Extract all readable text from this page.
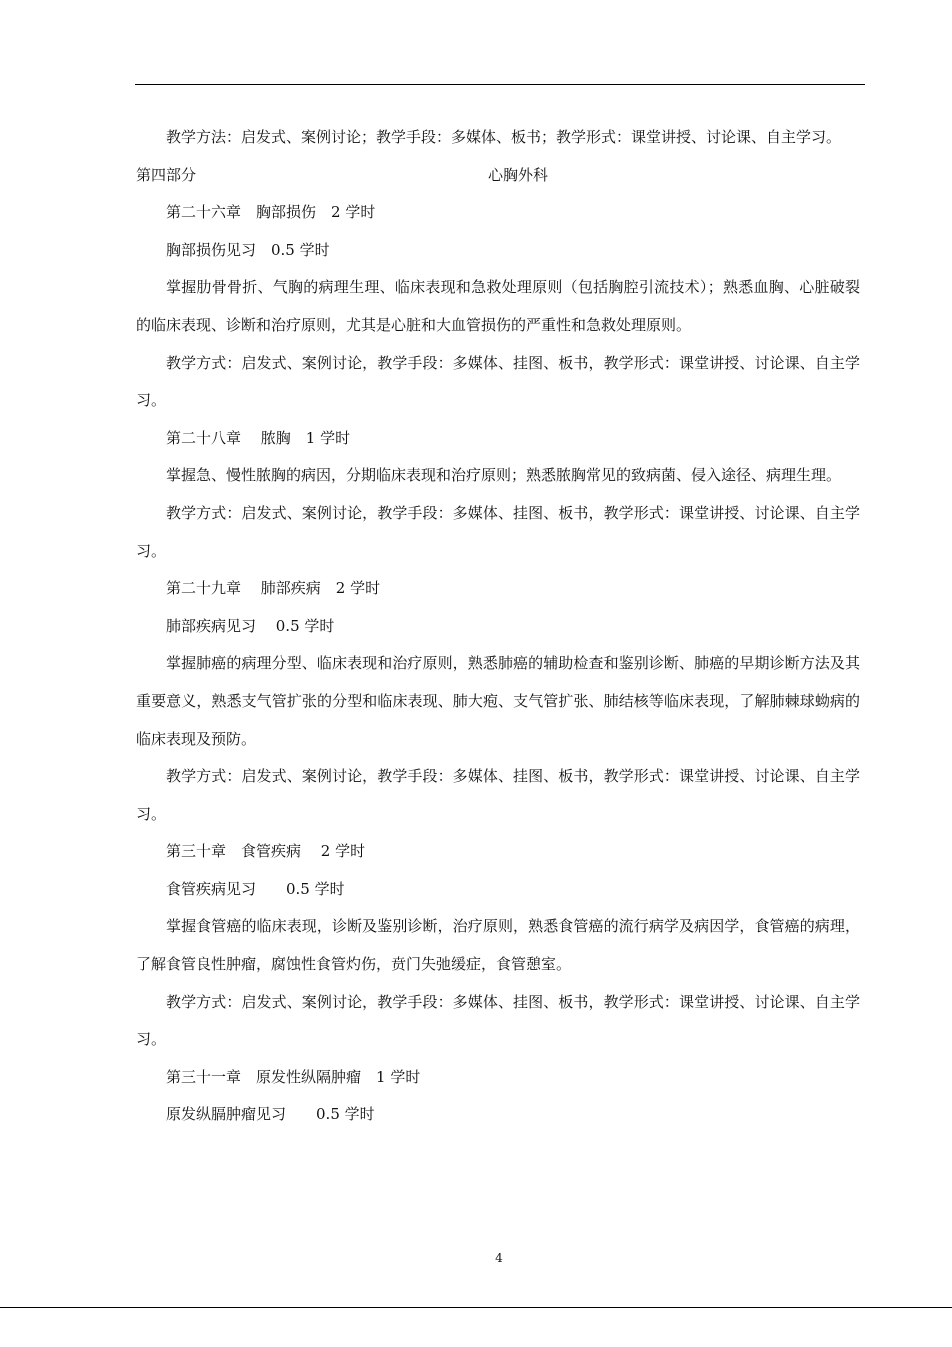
教学方法：启发式、案例讨论；教学手段：多媒体、板书；教学形式：课堂讲授、讨论课、自主学习。

第四部分	心胸外科

第二十六章　胸部损伤　2 学时

胸部损伤见习　0.5 学时

掌握肋骨骨折、气胸的病理生理、临床表现和急救处理原则（包括胸腔引流技术）；熟悉血胸、心脏破裂的临床表现、诊断和治疗原则，尤其是心脏和大血管损伤的严重性和急救处理原则。

教学方式：启发式、案例讨论，教学手段：多媒体、挂图、板书，教学形式：课堂讲授、讨论课、自主学习。

第二十八章　 脓胸　1 学时

掌握急、慢性脓胸的病因，分期临床表现和治疗原则；熟悉脓胸常见的致病菌、侵入途径、病理生理。

教学方式：启发式、案例讨论，教学手段：多媒体、挂图、板书，教学形式：课堂讲授、讨论课、自主学习。

第二十九章　 肺部疾病　2 学时

肺部疾病见习　 0.5 学时

掌握肺癌的病理分型、临床表现和治疗原则，熟悉肺癌的辅助检查和鉴别诊断、肺癌的早期诊断方法及其重要意义，熟悉支气管扩张的分型和临床表现、肺大疱、支气管扩张、肺结核等临床表现，了解肺棘球蚴病的临床表现及预防。

教学方式：启发式、案例讨论，教学手段：多媒体、挂图、板书，教学形式：课堂讲授、讨论课、自主学习。

第三十章　食管疾病　 2 学时

食管疾病见习　　0.5 学时

掌握食管癌的临床表现，诊断及鉴别诊断，治疗原则，熟悉食管癌的流行病学及病因学，食管癌的病理，了解食管良性肿瘤，腐蚀性食管灼伤，贲门失弛缓症，食管憩室。

教学方式：启发式、案例讨论，教学手段：多媒体、挂图、板书，教学形式：课堂讲授、讨论课、自主学习。

第三十一章　原发性纵隔肿瘤　1 学时

原发纵膈肿瘤见习　　0.5 学时

4
